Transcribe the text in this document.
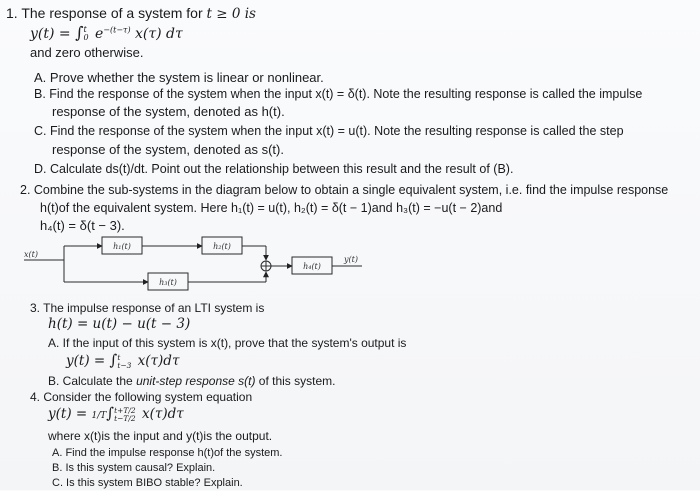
1. The response of a system for t ≥ 0 is
y(t) = ∫ t
0 $e^{-(t-\tau)}$ x(τ) dτ
and zero otherwise.
A. Prove whether the system is linear or nonlinear.
B. Find the response of the system when the input x(t) = δ(t). Note the resulting response is called the impulse
response of the system, denoted as h(t).
C. Find the response of the system when the input x(t) = u(t). Note the resulting response is called the step
response of the system, denoted as s(t).
D. Calculate ds(t)/dt. Point out the relationship between this result and the result of (B).
2. Combine the sub-systems in the diagram below to obtain a single equivalent system, i.e. find the impulse response
h(t)of the equivalent system. Here h₁(t) = u(t), h₂(t) = δ(t − 1)and h₃(t) = −u(t − 2)and
h₄(t) = δ(t − 3).
x(t)
h₁(t)	h₂(t)
h₃(t)
h₄(t)
y(t)
3. The impulse response of an LTI system is
h(t) = u(t) − u(t − 3)
A. If the input of this system is x(t), prove that the system's output is
y(t) = ∫ t
t−3 x(τ)dτ
B. Calculate the unit-step response s(t) of this system.
4. Consider the following system equation
y(t) = 1/T∫ t+T/2
t−T/2 x(τ)dτ
where x(t)is the input and y(t)is the output.
A. Find the impulse response h(t)of the system.
B. Is this system causal? Explain.
C. Is this system BIBO stable? Explain.
